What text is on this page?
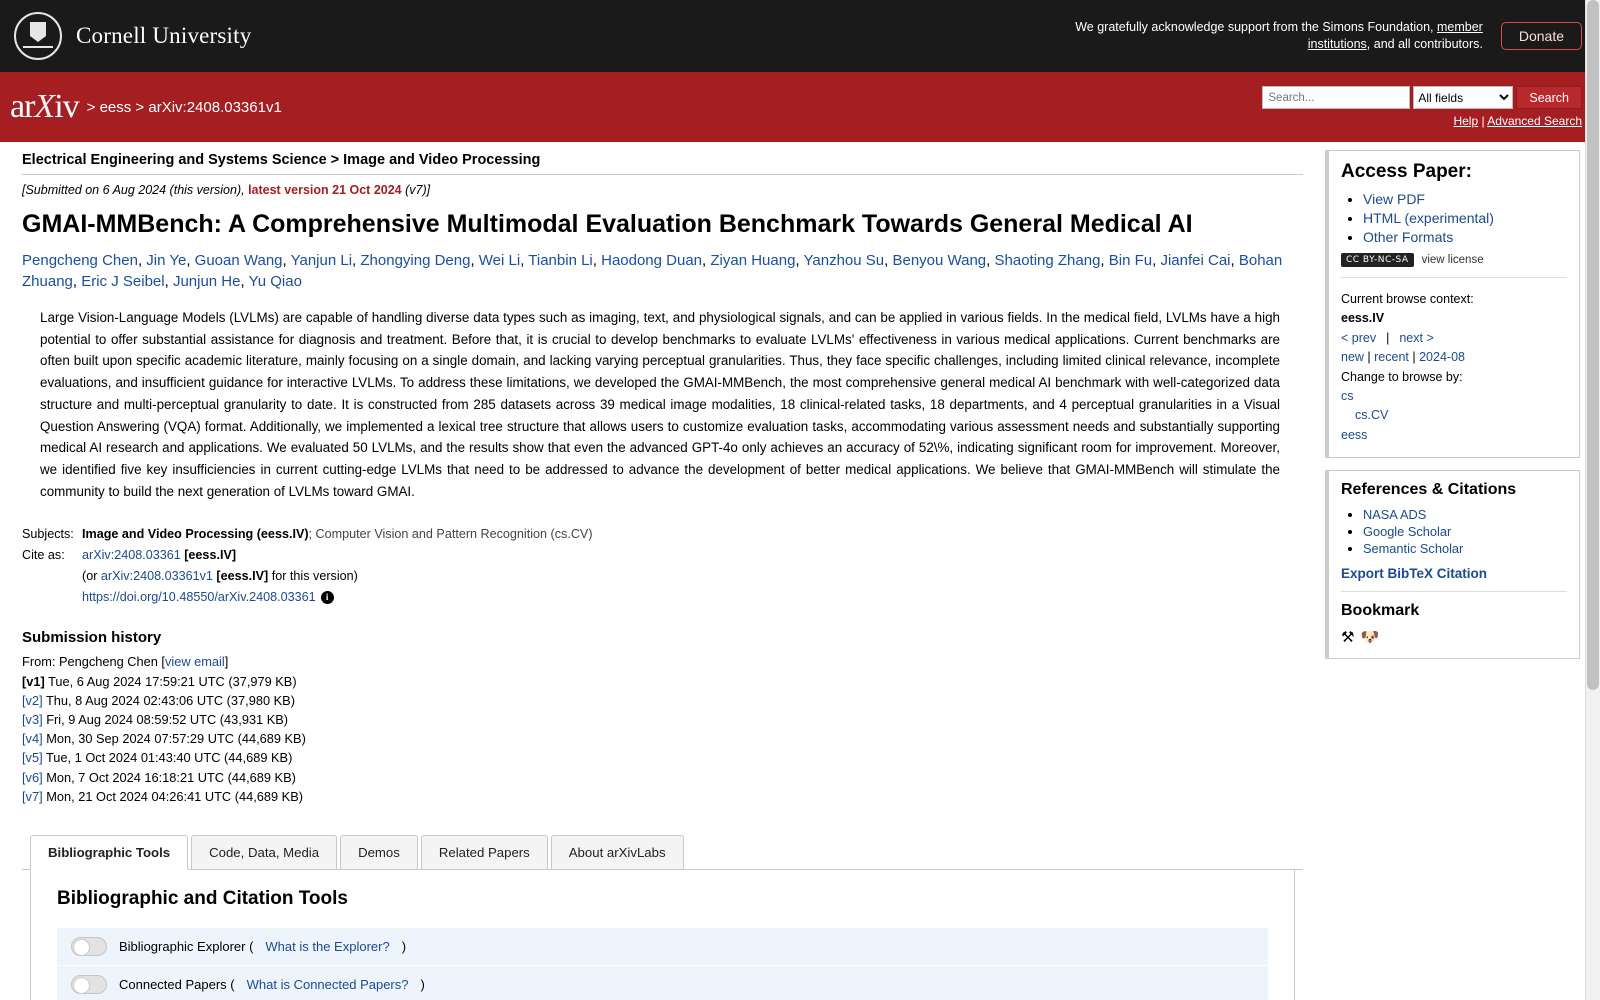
Cornell University	We gratefully acknowledge support from the Simons Foundation, member institutions, and all contributors.	Donate
arXiv > eess > arXiv:2408.03361v1
Search...
All fields
Search
Help | Advanced Search
Electrical Engineering and Systems Science > Image and Video Processing
[Submitted on 6 Aug 2024 (this version), latest version 21 Oct 2024 (v7)]
GMAI-MMBench: A Comprehensive Multimodal Evaluation Benchmark Towards General Medical AI
Pengcheng Chen, Jin Ye, Guoan Wang, Yanjun Li, Zhongying Deng, Wei Li, Tianbin Li, Haodong Duan, Ziyan Huang, Yanzhou Su, Benyou Wang, Shaoting Zhang, Bin Fu, Jianfei Cai, Bohan Zhuang, Eric J Seibel, Junjun He, Yu Qiao
Large Vision-Language Models (LVLMs) are capable of handling diverse data types such as imaging, text, and physiological signals, and can be applied in various fields. In the medical field, LVLMs have a high potential to offer substantial assistance for diagnosis and treatment. Before that, it is crucial to develop benchmarks to evaluate LVLMs' effectiveness in various medical applications. Current benchmarks are often built upon specific academic literature, mainly focusing on a single domain, and lacking varying perceptual granularities. Thus, they face specific challenges, including limited clinical relevance, incomplete evaluations, and insufficient guidance for interactive LVLMs. To address these limitations, we developed the GMAI-MMBench, the most comprehensive general medical AI benchmark with well-categorized data structure and multi-perceptual granularity to date. It is constructed from 285 datasets across 39 medical image modalities, 18 clinical-related tasks, 18 departments, and 4 perceptual granularities in a Visual Question Answering (VQA) format. Additionally, we implemented a lexical tree structure that allows users to customize evaluation tasks, accommodating various assessment needs and substantially supporting medical AI research and applications. We evaluated 50 LVLMs, and the results show that even the advanced GPT-4o only achieves an accuracy of 52\%, indicating significant room for improvement. Moreover, we identified five key insufficiencies in current cutting-edge LVLMs that need to be addressed to advance the development of better medical applications. We believe that GMAI-MMBench will stimulate the community to build the next generation of LVLMs toward GMAI.
Subjects: Image and Video Processing (eess.IV); Computer Vision and Pattern Recognition (cs.CV)
Cite as:	arXiv:2408.03361 [eess.IV]
(or arXiv:2408.03361v1 [eess.IV] for this version)
https://doi.org/10.48550/arXiv.2408.03361 i
Submission history
From: Pengcheng Chen [view email]
[v1] Tue, 6 Aug 2024 17:59:21 UTC (37,979 KB)
[v2] Thu, 8 Aug 2024 02:43:06 UTC (37,980 KB)
[v3] Fri, 9 Aug 2024 08:59:52 UTC (43,931 KB)
[v4] Mon, 30 Sep 2024 07:57:29 UTC (44,689 KB)
[v5] Tue, 1 Oct 2024 01:43:40 UTC (44,689 KB)
[v6] Mon, 7 Oct 2024 16:18:21 UTC (44,689 KB)
[v7] Mon, 21 Oct 2024 04:26:41 UTC (44,689 KB)
Bibliographic Tools	Code, Data, Media	Demos	Related Papers	About arXivLabs
Bibliographic and Citation Tools
Bibliographic Explorer ( What is the Explorer? )
Connected Papers ( What is Connected Papers? )
Access Paper:
• View PDF
• HTML (experimental)
• Other Formats
CC BY-NC-SA	view license
Current browse context:
eess.IV
< prev | next >
new | recent | 2024-08
Change to browse by:
cs
cs.CV
eess
References & Citations
• NASA ADS
• Google Scholar
• Semantic Scholar
Export BibTeX Citation
Bookmark
⚒ 🐶
